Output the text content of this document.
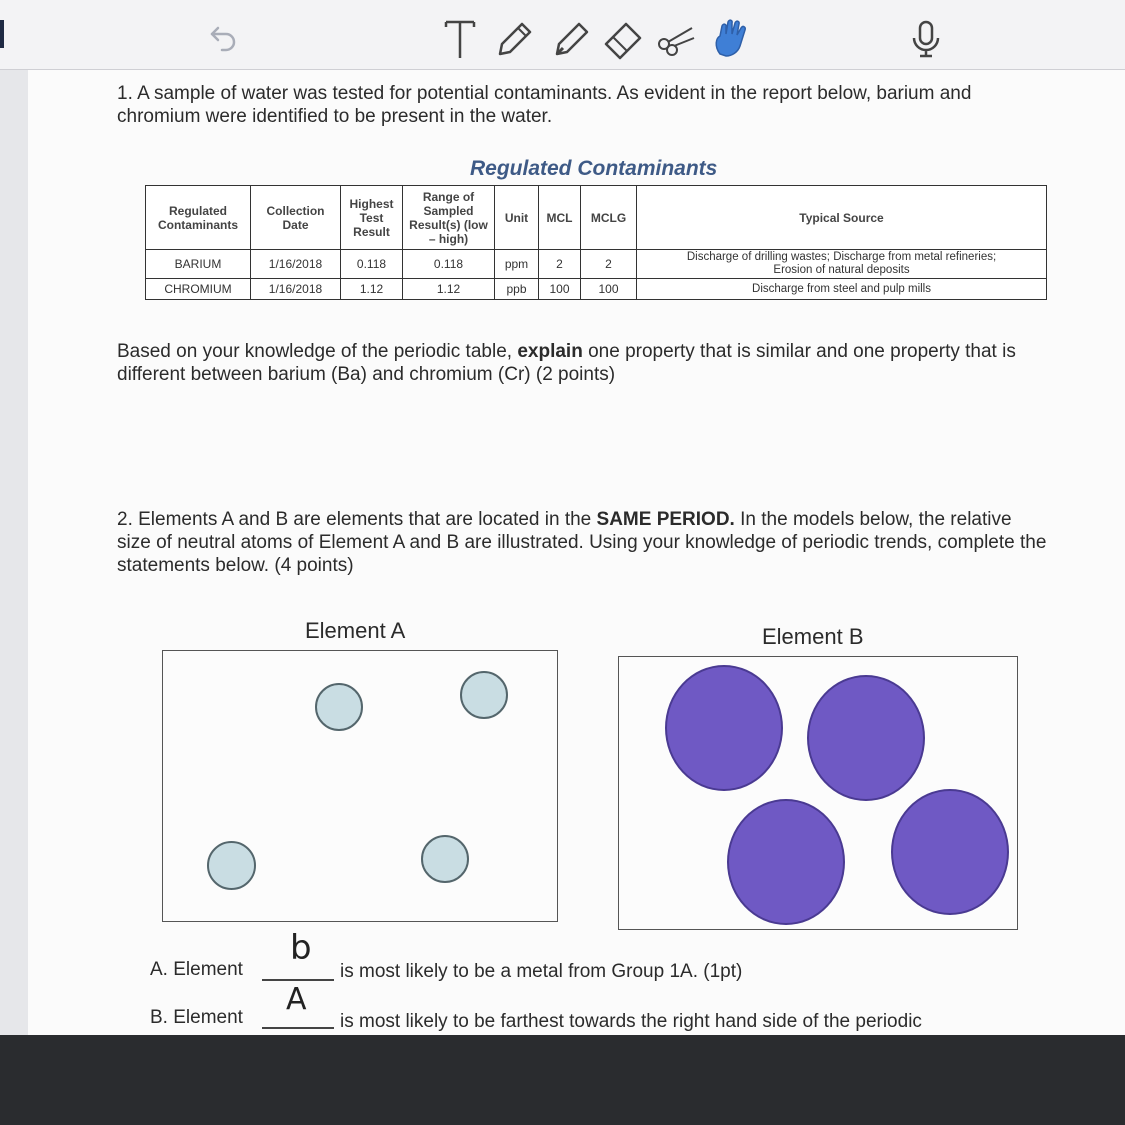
1. A sample of water was tested for potential contaminants. As evident in the report below, barium and
chromium were identified to be present in the water.
Regulated Contaminants
Regulated Contaminants	Collection Date	Highest Test Result	Range of Sampled Result(s) (low – high)	Unit	MCL	MCLG	Typical Source
BARIUM	1/16/2018	0.118	0.118	ppm	2	2	Discharge of drilling wastes; Discharge from metal refineries;
Erosion of natural deposits

CHROMIUM	1/16/2018	1.12	1.12	ppb	100	100	Discharge from steel and pulp mills
Based on your knowledge of the periodic table, explain one property that is similar and one property that is
different between barium (Ba) and chromium (Cr) (2 points)
2. Elements A and B are elements that are located in the SAME PERIOD. In the models below, the relative
size of neutral atoms of Element A and B are illustrated. Using your knowledge of periodic trends, complete the
statements below. (4 points)
Element A	Element B
A. Element
b
is most likely to be a metal from Group 1A. (1pt)
B. Element
A
is most likely to be farthest towards the right hand side of the periodic
